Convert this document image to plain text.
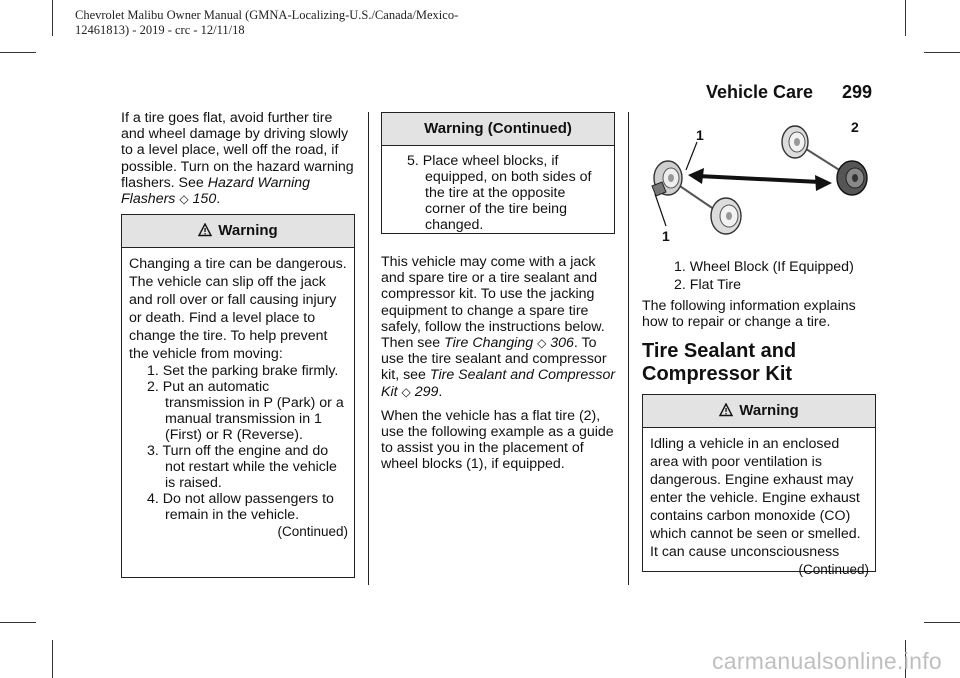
Chevrolet Malibu Owner Manual (GMNA-Localizing-U.S./Canada/Mexico-
12461813) - 2019 - crc - 12/11/18
Vehicle Care 299

If a tire goes flat, avoid further tire and wheel damage by driving slowly to a level place, well off the road, if possible. Turn on the hazard warning flashers. See Hazard Warning Flashers ◇ 150.

Warning

Changing a tire can be dangerous. The vehicle can slip off the jack and roll over or fall causing injury or death. Find a level place to change the tire. To help prevent the vehicle from moving:

1. Set the parking brake firmly.

2. Put an automatic transmission in P (Park) or a manual transmission in 1 (First) or R (Reverse).

3. Turn off the engine and do not restart while the vehicle is raised.

4. Do not allow passengers to remain in the vehicle.

(Continued)

Warning (Continued)

5. Place wheel blocks, if equipped, on both sides of the tire at the opposite corner of the tire being changed.

This vehicle may come with a jack and spare tire or a tire sealant and compressor kit. To use the jacking equipment to change a spare tire safely, follow the instructions below. Then see Tire Changing ◇ 306. To use the tire sealant and compressor kit, see Tire Sealant and Compressor Kit ◇ 299.

When the vehicle has a flat tire (2), use the following example as a guide to assist you in the placement of wheel blocks (1), if equipped.

1	2
1

1. Wheel Block (If Equipped)

2. Flat Tire

The following information explains how to repair or change a tire.

Tire Sealant and Compressor Kit
Warning

Idling a vehicle in an enclosed area with poor ventilation is dangerous. Engine exhaust may enter the vehicle. Engine exhaust contains carbon monoxide (CO) which cannot be seen or smelled. It can cause unconsciousness

(Continued)

carmanualsonline.info
